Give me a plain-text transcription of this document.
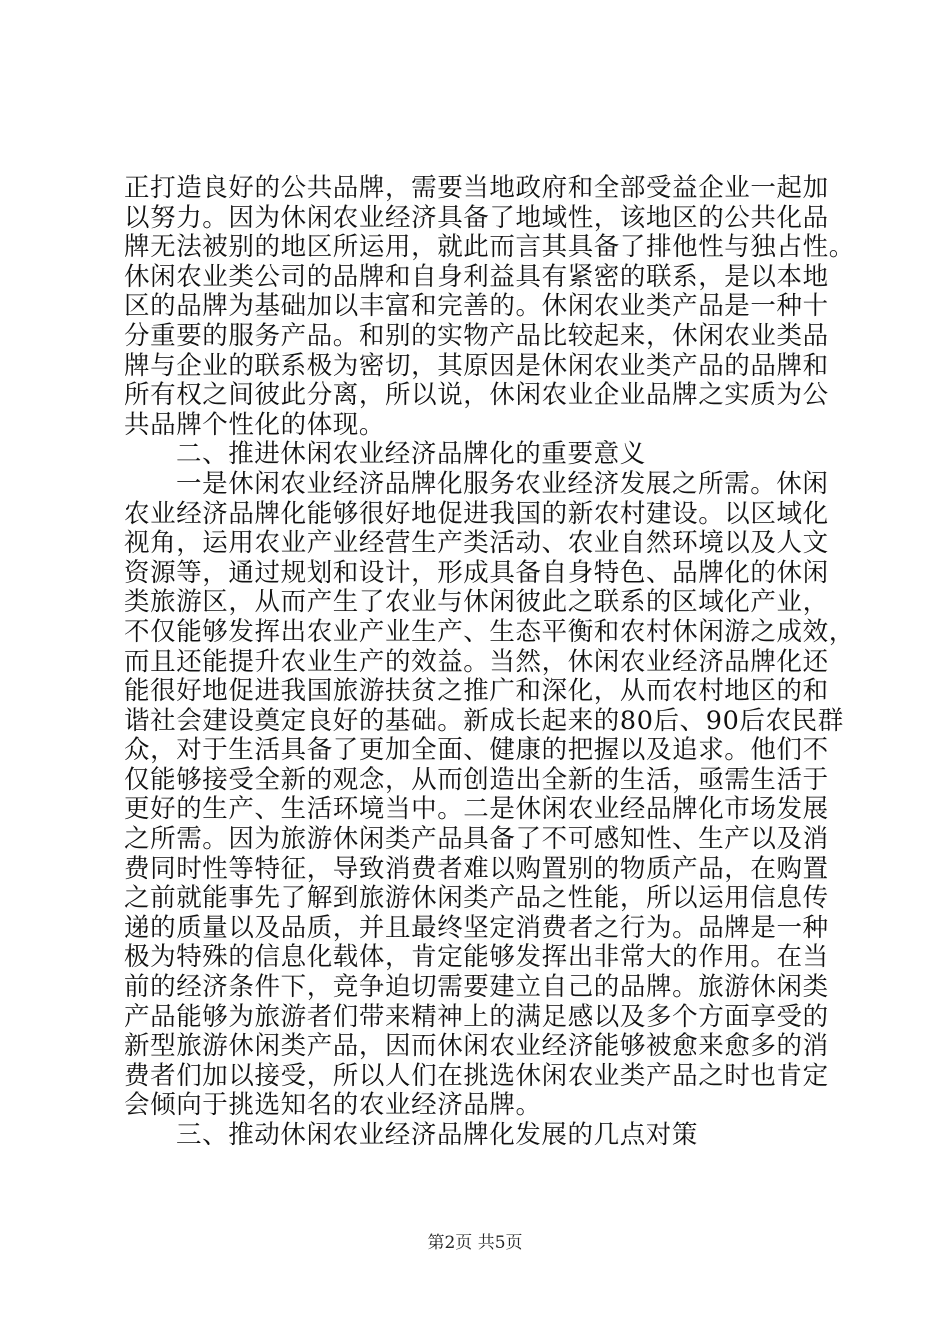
正打造良好的公共品牌，需要当地政府和全部受益企业一起加
以努力。因为休闲农业经济具备了地域性，该地区的公共化品
牌无法被别的地区所运用，就此而言其具备了排他性与独占性。
休闲农业类公司的品牌和自身利益具有紧密的联系，是以本地
区的品牌为基础加以丰富和完善的。休闲农业类产品是一种十
分重要的服务产品。和别的实物产品比较起来，休闲农业类品
牌与企业的联系极为密切，其原因是休闲农业类产品的品牌和
所有权之间彼此分离，所以说，休闲农业企业品牌之实质为公
共品牌个性化的体现。
二、推进休闲农业经济品牌化的重要意义
一是休闲农业经济品牌化服务农业经济发展之所需。休闲
农业经济品牌化能够很好地促进我国的新农村建设。以区域化
视角，运用农业产业经营生产类活动、农业自然环境以及人文
资源等，通过规划和设计，形成具备自身特色、品牌化的休闲
类旅游区，从而产生了农业与休闲彼此之联系的区域化产业，
不仅能够发挥出农业产业生产、生态平衡和农村休闲游之成效，
而且还能提升农业生产的效益。当然，休闲农业经济品牌化还
能很好地促进我国旅游扶贫之推广和深化，从而农村地区的和
谐社会建设奠定良好的基础。新成长起来的80后、90后农民群
众，对于生活具备了更加全面、健康的把握以及追求。他们不
仅能够接受全新的观念，从而创造出全新的生活，亟需生活于
更好的生产、生活环境当中。二是休闲农业经品牌化市场发展
之所需。因为旅游休闲类产品具备了不可感知性、生产以及消
费同时性等特征，导致消费者难以购置别的物质产品，在购置
之前就能事先了解到旅游休闲类产品之性能，所以运用信息传
递的质量以及品质，并且最终坚定消费者之行为。品牌是一种
极为特殊的信息化载体，肯定能够发挥出非常大的作用。在当
前的经济条件下，竞争迫切需要建立自己的品牌。旅游休闲类
产品能够为旅游者们带来精神上的满足感以及多个方面享受的
新型旅游休闲类产品，因而休闲农业经济能够被愈来愈多的消
费者们加以接受，所以人们在挑选休闲农业类产品之时也肯定
会倾向于挑选知名的农业经济品牌。
三、推动休闲农业经济品牌化发展的几点对策
第2页 共5页
